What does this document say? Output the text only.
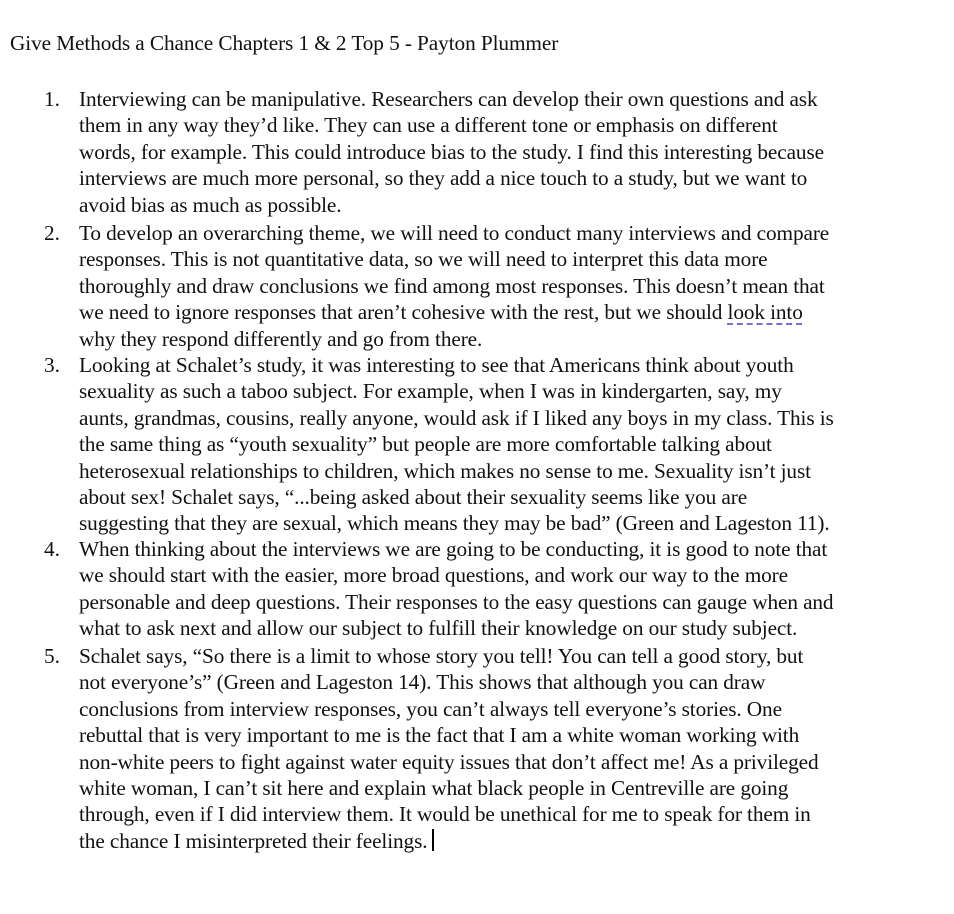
Give Methods a Chance Chapters 1 & 2 Top 5 - Payton Plummer
1. Interviewing can be manipulative. Researchers can develop their own questions and ask
them in any way they’d like. They can use a different tone or emphasis on different
words, for example. This could introduce bias to the study. I find this interesting because
interviews are much more personal, so they add a nice touch to a study, but we want to
avoid bias as much as possible.
2. To develop an overarching theme, we will need to conduct many interviews and compare
responses. This is not quantitative data, so we will need to interpret this data more
thoroughly and draw conclusions we find among most responses. This doesn’t mean that
we need to ignore responses that aren’t cohesive with the rest, but we should look into
why they respond differently and go from there.
3. Looking at Schalet’s study, it was interesting to see that Americans think about youth
sexuality as such a taboo subject. For example, when I was in kindergarten, say, my
aunts, grandmas, cousins, really anyone, would ask if I liked any boys in my class. This is
the same thing as “youth sexuality” but people are more comfortable talking about
heterosexual relationships to children, which makes no sense to me. Sexuality isn’t just
about sex! Schalet says, “...being asked about their sexuality seems like you are
suggesting that they are sexual, which means they may be bad” (Green and Lageston 11).
4. When thinking about the interviews we are going to be conducting, it is good to note that
we should start with the easier, more broad questions, and work our way to the more
personable and deep questions. Their responses to the easy questions can gauge when and
what to ask next and allow our subject to fulfill their knowledge on our study subject.
5. Schalet says, “So there is a limit to whose story you tell! You can tell a good story, but
not everyone’s” (Green and Lageston 14). This shows that although you can draw
conclusions from interview responses, you can’t always tell everyone’s stories. One
rebuttal that is very important to me is the fact that I am a white woman working with
non-white peers to fight against water equity issues that don’t affect me! As a privileged
white woman, I can’t sit here and explain what black people in Centreville are going
through, even if I did interview them. It would be unethical for me to speak for them in
the chance I misinterpreted their feelings.
